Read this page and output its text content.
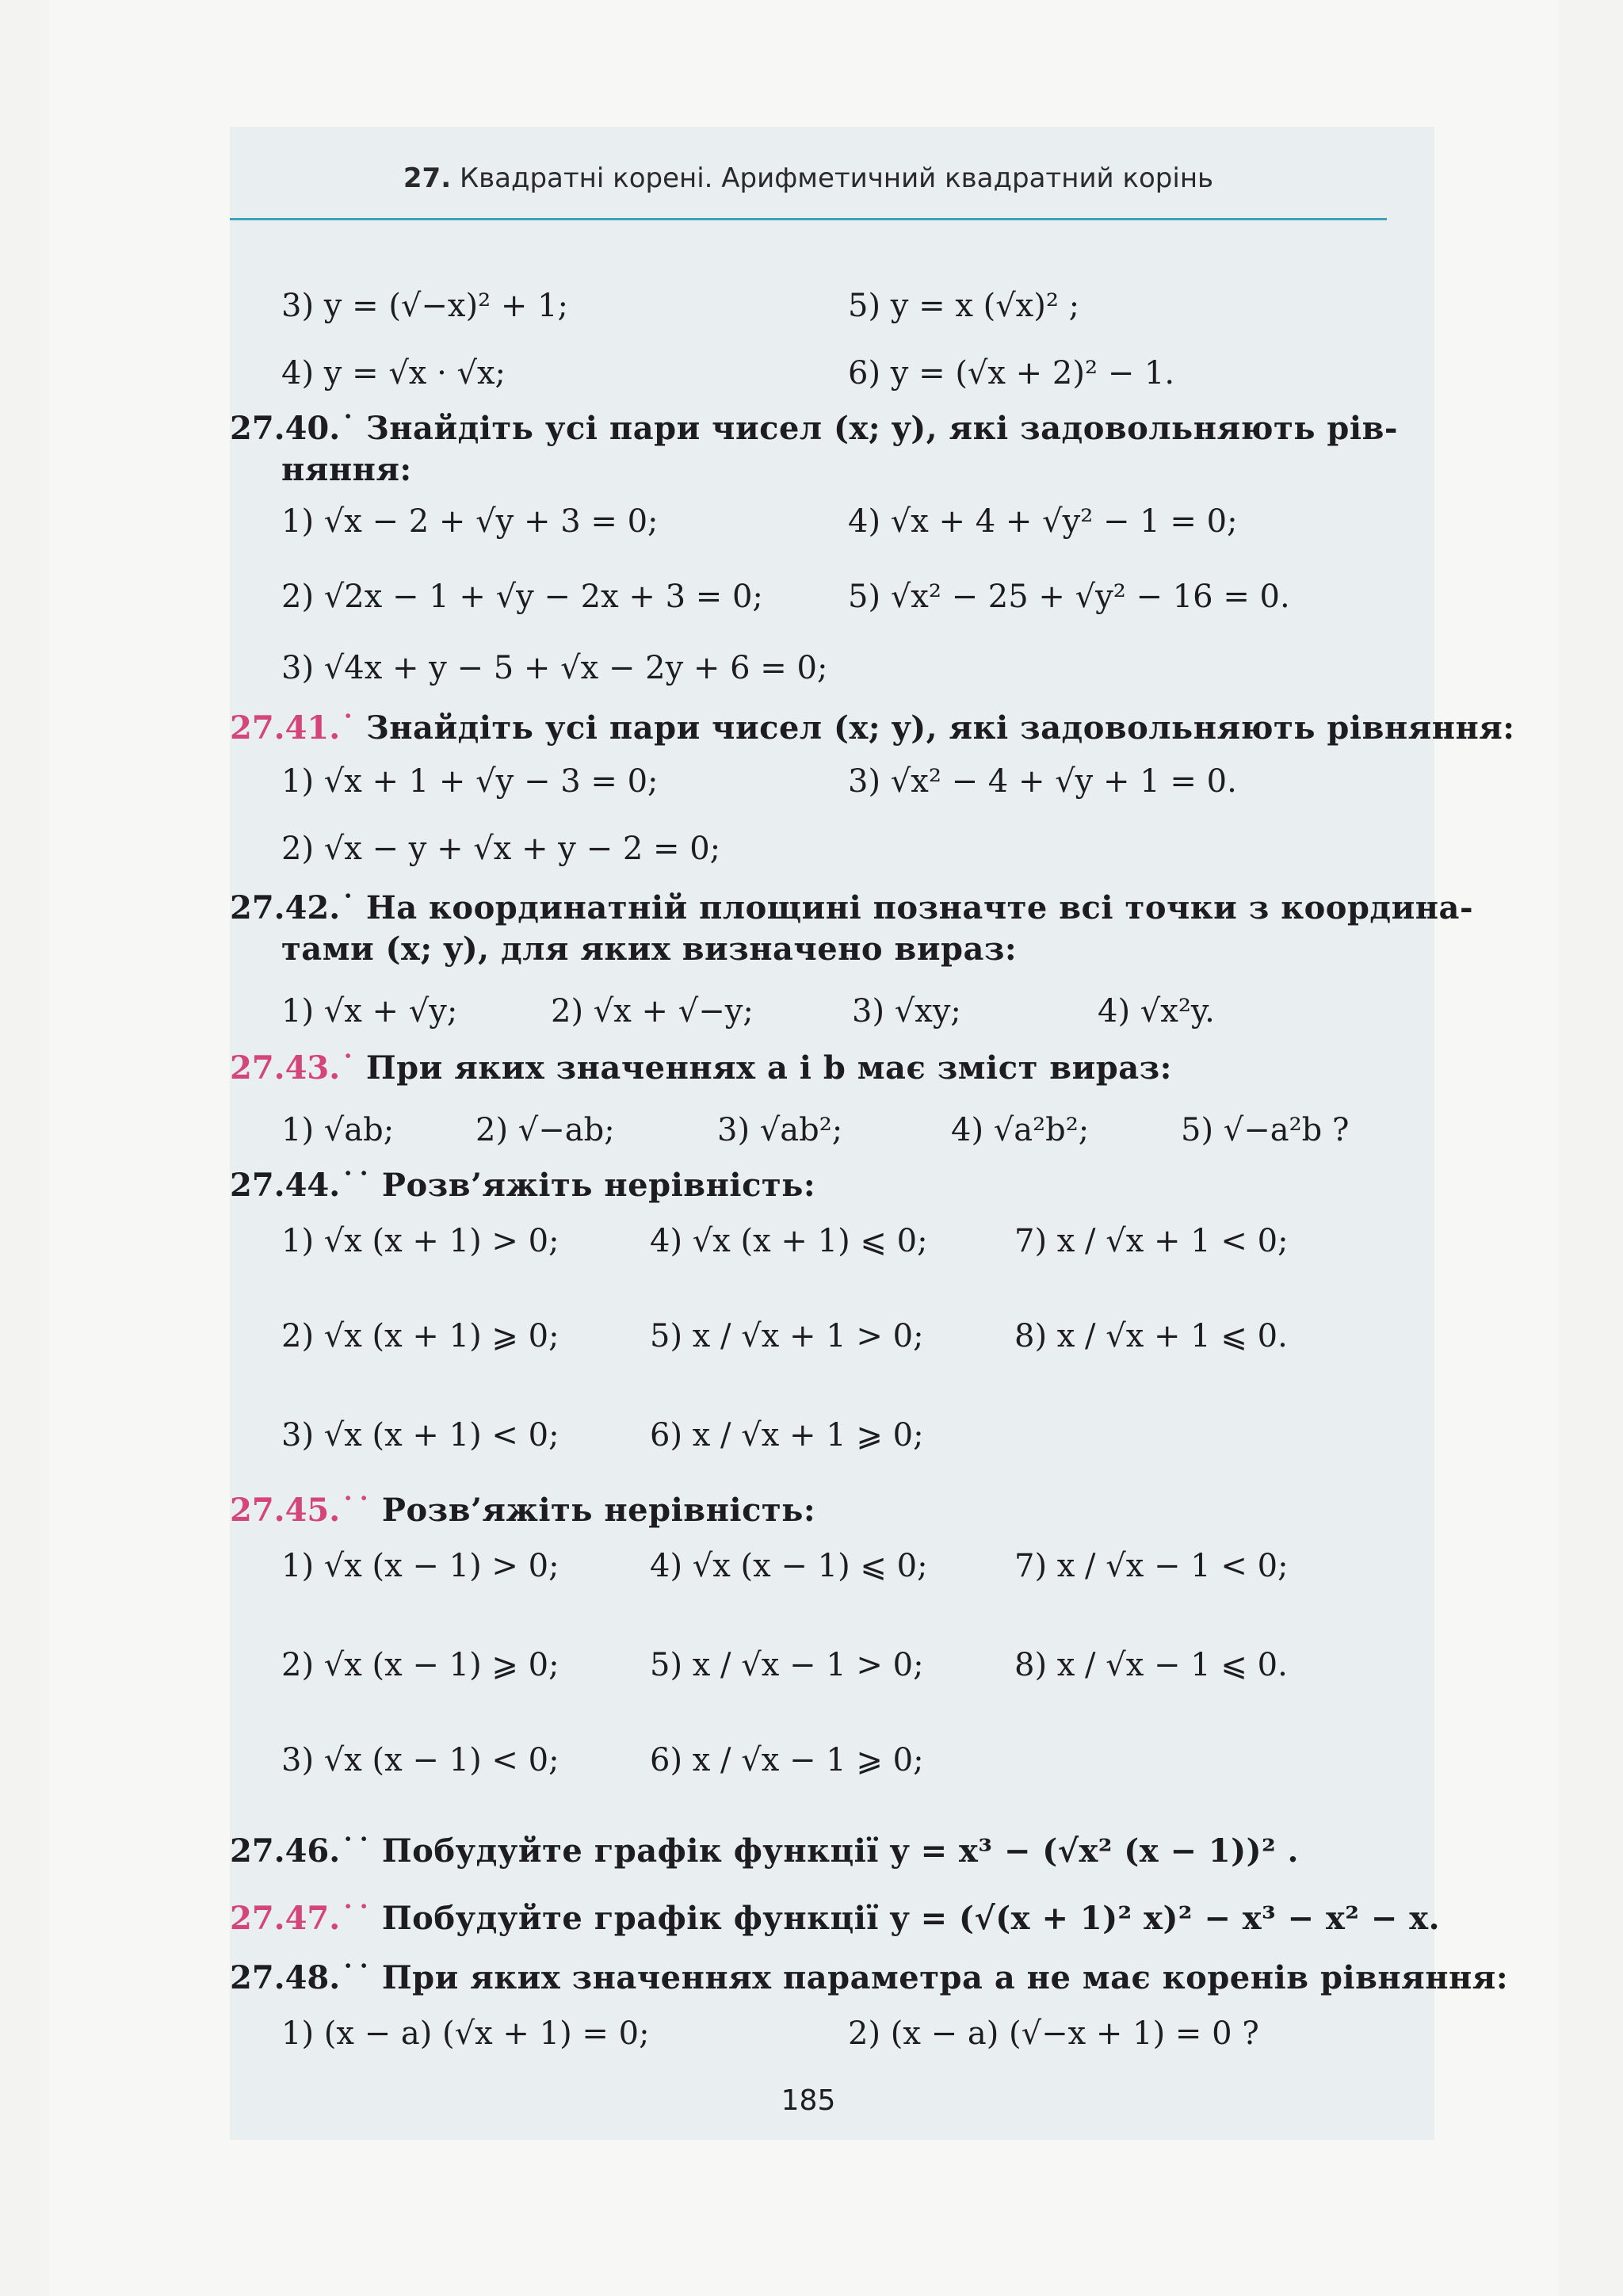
27. Квадратні корені. Арифметичний квадратний корінь
3) y = (√−x)² + 1;	5) y = x (√x)² ;
4) y = √x · √x;	6) y = (√x + 2)² − 1.
27.40.˙ Знайдіть усі пари чисел (x; y), які задовольняють рів-
няння:
1) √x − 2 + √y + 3 = 0;	4) √x + 4 + √y² − 1 = 0;
2) √2x − 1 + √y − 2x + 3 = 0;	5) √x² − 25 + √y² − 16 = 0.
3) √4x + y − 5 + √x − 2y + 6 = 0;
27.41.˙ Знайдіть усі пари чисел (x; y), які задовольняють рівняння:
1) √x + 1 + √y − 3 = 0;	3) √x² − 4 + √y + 1 = 0.
2) √x − y + √x + y − 2 = 0;
27.42.˙ На координатній площині позначте всі точки з координа-
тами (x; y), для яких визначено вираз:
1) √x + √y;	2) √x + √−y;	3) √xy;	4) √x²y.
27.43.˙ При яких значеннях a і b має зміст вираз:
1) √ab;	2) √−ab;	3) √ab²;	4) √a²b²;	5) √−a²b ?
27.44.˙˙ Розв’яжіть нерівність:
1) √x (x + 1) > 0;	4) √x (x + 1) ⩽ 0;	7) x / √x + 1 < 0;
2) √x (x + 1) ⩾ 0;	5) x / √x + 1 > 0;	8) x / √x + 1 ⩽ 0.
3) √x (x + 1) < 0;	6) x / √x + 1 ⩾ 0;
27.45.˙˙ Розв’яжіть нерівність:
1) √x (x − 1) > 0;	4) √x (x − 1) ⩽ 0;	7) x / √x − 1 < 0;
2) √x (x − 1) ⩾ 0;	5) x / √x − 1 > 0;	8) x / √x − 1 ⩽ 0.
3) √x (x − 1) < 0;	6) x / √x − 1 ⩾ 0;
27.46.˙˙ Побудуйте графік функції y = x³ − (√x² (x − 1))² .
27.47.˙˙ Побудуйте графік функції y = (√(x + 1)² x)² − x³ − x² − x.
27.48.˙˙ При яких значеннях параметра a не має коренів рівняння:
1) (x − a) (√x + 1) = 0;	2) (x − a) (√−x + 1) = 0 ?
185
